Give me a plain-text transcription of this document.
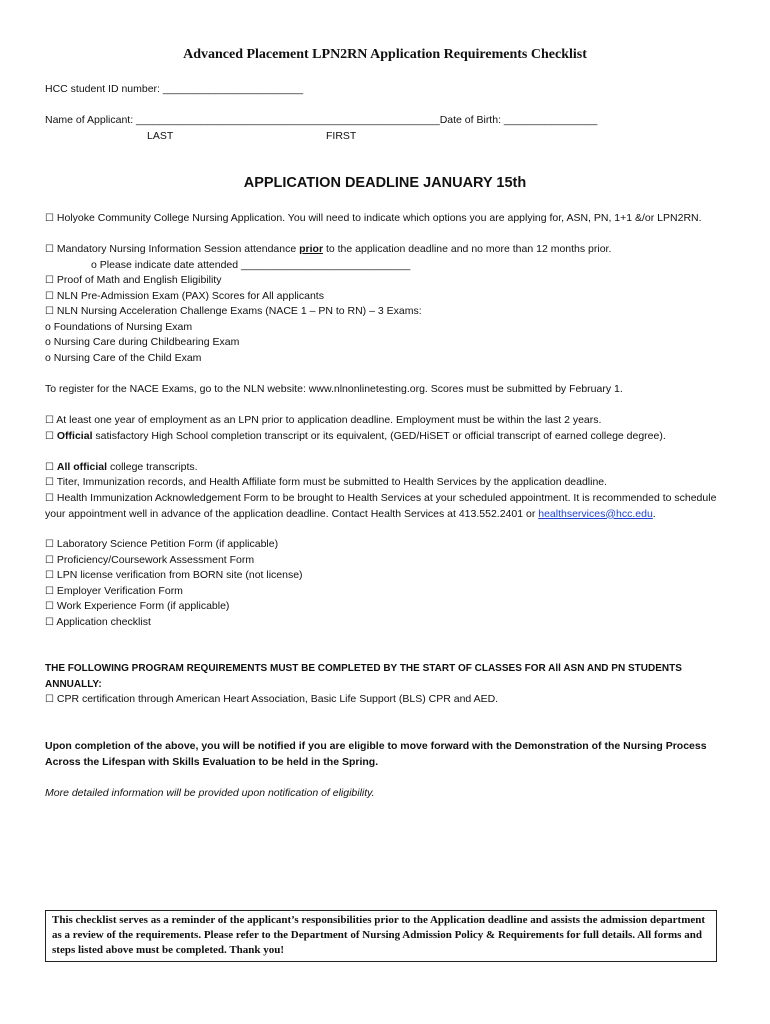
Advanced Placement LPN2RN Application Requirements Checklist
HCC student ID number: ________________________
Name of Applicant: ____________________________________________________Date of Birth: ________________
LAST	FIRST
APPLICATION DEADLINE JANUARY 15th
☐ Holyoke Community College Nursing Application. You will need to indicate which options you are applying for, ASN, PN, 1+1 &/or LPN2RN.
☐ Mandatory Nursing Information Session attendance prior to the application deadline and no more than 12 months prior.
o Please indicate date attended _____________________________
☐ Proof of Math and English Eligibility
☐ NLN Pre-Admission Exam (PAX) Scores for All applicants
☐ NLN Nursing Acceleration Challenge Exams (NACE 1 – PN to RN) – 3 Exams:
o Foundations of Nursing Exam
o Nursing Care during Childbearing Exam
o Nursing Care of the Child Exam
To register for the NACE Exams, go to the NLN website: www.nlnonlinetesting.org. Scores must be submitted by February 1.
☐ At least one year of employment as an LPN prior to application deadline. Employment must be within the last 2 years.
☐ Official satisfactory High School completion transcript or its equivalent, (GED/HiSET or official transcript of earned college degree).
☐ All official college transcripts.
☐ Titer, Immunization records, and Health Affiliate form must be submitted to Health Services by the application deadline.
☐ Health Immunization Acknowledgement Form to be brought to Health Services at your scheduled appointment. It is recommended to schedule your appointment well in advance of the application deadline. Contact Health Services at 413.552.2401 or healthservices@hcc.edu.
☐ Laboratory Science Petition Form (if applicable)
☐ Proficiency/Coursework Assessment Form
☐ LPN license verification from BORN site (not license)
☐ Employer Verification Form
☐ Work Experience Form (if applicable)
☐ Application checklist
THE FOLLOWING PROGRAM REQUIREMENTS MUST BE COMPLETED BY THE START OF CLASSES FOR All ASN AND PN STUDENTS ANNUALLY:
☐ CPR certification through American Heart Association, Basic Life Support (BLS) CPR and AED.
Upon completion of the above, you will be notified if you are eligible to move forward with the Demonstration of the Nursing Process Across the Lifespan with Skills Evaluation to be held in the Spring.
More detailed information will be provided upon notification of eligibility.
This checklist serves as a reminder of the applicant’s responsibilities prior to the Application deadline and assists the admission department as a review of the requirements. Please refer to the Department of Nursing Admission Policy & Requirements for full details. All forms and steps listed above must be completed. Thank you!
